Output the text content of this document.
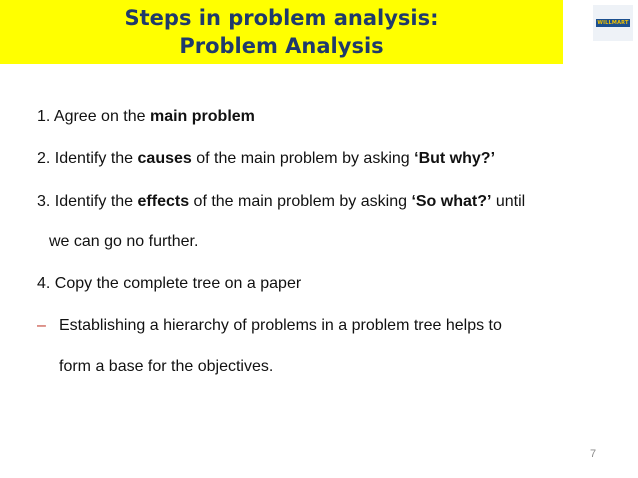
Steps in problem analysis:
Problem Analysis
WILLMART
1. Agree on the main problem
2. Identify the causes of the main problem by asking ‘But why?’
3. Identify the effects of the main problem by asking ‘So what?’ until
we can go no further.
4. Copy the complete tree on a paper
– Establishing a hierarchy of problems in a problem tree helps to
form a base for the objectives.
7
